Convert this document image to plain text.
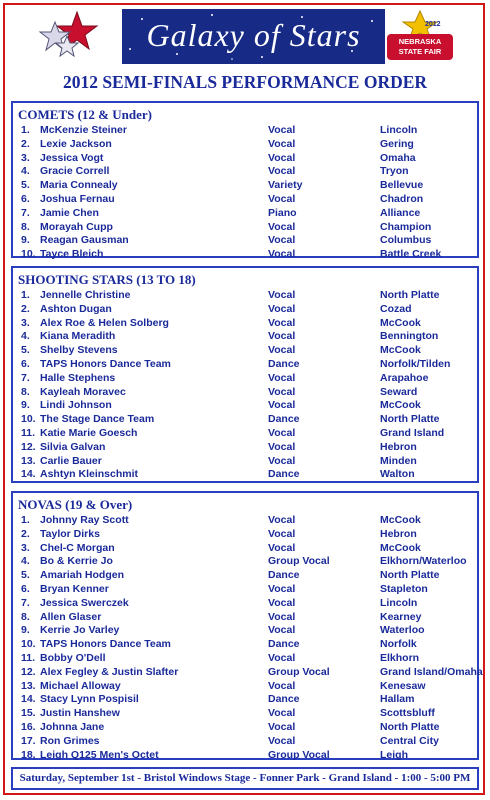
Galaxy of Stars	2012
NEBRASKA STATE FAIR
2012 SEMI-FINALS PERFORMANCE ORDER
COMETS (12 & Under)
1. McKenzie Steiner	Vocal	Lincoln
2. Lexie Jackson	Vocal	Gering
3. Jessica Vogt	Vocal	Omaha
4. Gracie Correll	Vocal	Tryon
5. Maria Connealy	Variety	Bellevue
6. Joshua Fernau	Vocal	Chadron
7. Jamie Chen	Piano	Alliance
8. Morayah Cupp	Vocal	Champion
9. Reagan Gausman	Vocal	Columbus
10. Tayce Bleich	Vocal	Battle Creek
SHOOTING STARS (13 TO 18)
1. Jennelle Christine	Vocal	North Platte
2. Ashton Dugan	Vocal	Cozad
3. Alex Roe & Helen Solberg	Vocal	McCook
4. Kiana Meradith	Vocal	Bennington
5. Shelby Stevens	Vocal	McCook
6. TAPS Honors Dance Team	Dance	Norfolk/Tilden
7. Halle Stephens	Vocal	Arapahoe
8. Kayleah Moravec	Vocal	Seward
9. Lindi Johnson	Vocal	McCook
10. The Stage Dance Team	Dance	North Platte
11. Katie Marie Goesch	Vocal	Grand Island
12. Silvia Galvan	Vocal	Hebron
13. Carlie Bauer	Vocal	Minden
14. Ashtyn Kleinschmit	Dance	Walton
NOVAS (19 & Over)
1. Johnny Ray Scott	Vocal	McCook
2. Taylor Dirks	Vocal	Hebron
3. Chel-C Morgan	Vocal	McCook
4. Bo & Kerrie Jo	Group Vocal	Elkhorn/Waterloo
5. Amariah Hodgen	Dance	North Platte
6. Bryan Kenner	Vocal	Stapleton
7. Jessica Swerczek	Vocal	Lincoln
8. Allen Glaser	Vocal	Kearney
9. Kerrie Jo Varley	Vocal	Waterloo
10. TAPS Honors Dance Team	Dance	Norfolk
11. Bobby O'Dell	Vocal	Elkhorn
12. Alex Fegley & Justin Slafter	Group Vocal	Grand Island/Omaha
13. Michael Alloway	Vocal	Kenesaw
14. Stacy Lynn Pospisil	Dance	Hallam
15. Justin Hanshew	Vocal	Scottsbluff
16. Johnna Jane	Vocal	North Platte
17. Ron Grimes	Vocal	Central City
18. Leigh Q125 Men's Octet	Group Vocal	Leigh
Saturday, September 1st - Bristol Windows Stage - Fonner Park - Grand Island - 1:00 - 5:00 PM
